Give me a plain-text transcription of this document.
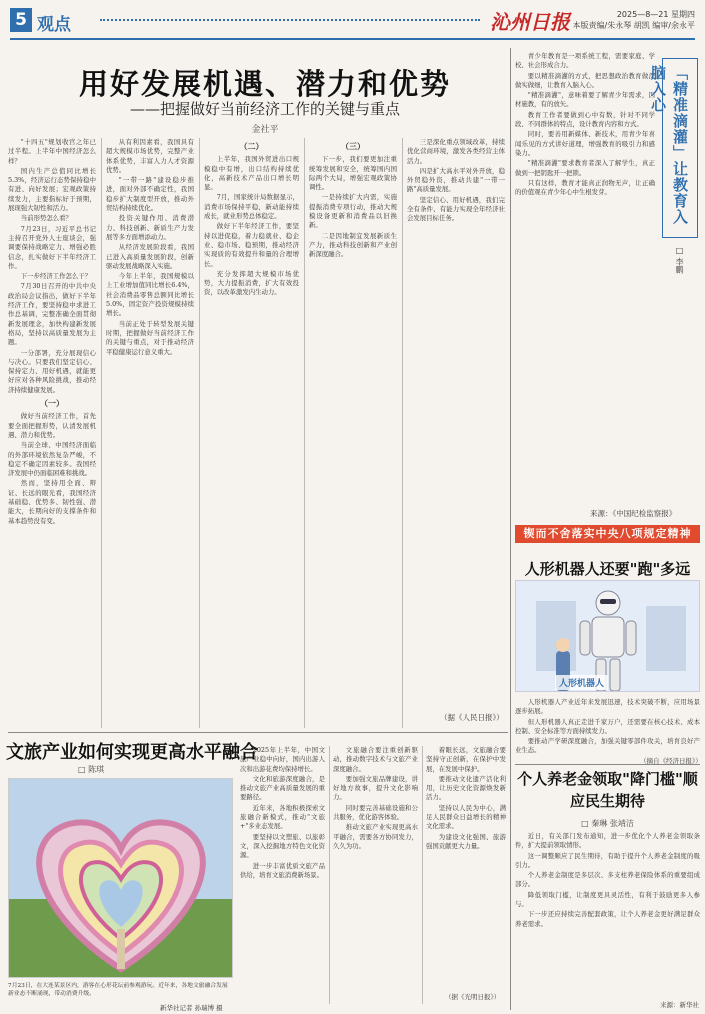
5 观点	沁州日报	2025—8—21 星期四
本版责编/朱永琴 胡凯 编审/余永平
用好发展机遇、潜力和优势
——把握做好当前经济工作的关键与重点
金社平

"十四五"规划收官之年已过半程。上半年中国经济怎么样？

国内生产总值同比增长5.3%，经济运行态势保持稳中有进、向好发展；宏观政策持续发力，主要指标好于预期，展现强大韧性和活力。

当前形势怎么看？

7月23日，习近平总书记主持召开党外人士座谈会，强调要保持战略定力、增强必胜信念，扎实做好下半年经济工作。

下一步经济工作怎么干？

7月30日召开的中共中央政治局会议指出，做好下半年经济工作，要坚持稳中求进工作总基调，完整准确全面贯彻新发展理念，加快构建新发展格局，坚持以高质量发展为主题。

一分部署，充分展现信心与决心。只要我们坚定信心、保持定力、用好机遇，就能更好应对各种风险挑战，推动经济持续健康发展。

（一）

做好当前经济工作，首先要全面把握形势，认清发展机遇、潜力和优势。

当前全球、中国经济面临的外部环境依然复杂严峻，不稳定不确定因素较多。我国经济发展中仍面临困难和挑战。

然而，坚持用全面、辩证、长远的眼光看，我国经济基础稳、优势多、韧性强、潜能大，长期向好的支撑条件和基本趋势没有变。

从有利因素看，我国具有超大规模市场优势，完整产业体系优势，丰富人力人才资源优势。

"一带一路"建设稳步推进，面对外部不确定性，我国稳步扩大制度型开放，推动外贸结构持续优化。

投资关键作用、消费潜力、科技创新、新质生产力发展等多方面增添动力。

从经济发展阶段看，我国已进入高质量发展阶段，创新驱动发展战略深入实施。

今年上半年，我国规模以上工业增加值同比增长6.4%，社会消费品零售总额同比增长5.0%，固定资产投资规模持续增长。

当前正处于转型发展关键时期，把握做好当前经济工作的关键与重点，对于推动经济平稳健康运行意义重大。

（二）

上半年，我国外贸进出口规模稳中有增，出口结构持续优化，高新技术产品出口增长明显。

7月，国家统计局数据显示，消费市场保持平稳，新动能持续成长，就业形势总体稳定。

做好下半年经济工作，要坚持以进促稳，着力稳就业、稳企业、稳市场、稳预期，推动经济实现质的有效提升和量的合理增长。

充分发挥超大规模市场优势，大力提振消费，扩大有效投资，以改革激发内生动力。

（三）

下一步，我们要更加注重统筹发展和安全，统筹国内国际两个大局，增强宏观政策协调性。

一是持续扩大内需，实施提振消费专项行动，推动大规模设备更新和消费品以旧换新。

二是因地制宜发展新质生产力，推动科技创新和产业创新深度融合。

三是深化重点领域改革，持续优化营商环境，激发各类经营主体活力。

四是扩大高水平对外开放，稳外贸稳外资，推动共建"一带一路"高质量发展。

坚定信心、用好机遇，我们完全有条件、有能力实现全年经济社会发展目标任务。

（据《人民日报》）

青少年教育是一项系统工程，需要家庭、学校、社会形成合力。

要以精准滴灌的方式，把思想政治教育做深做实做细，让教育入脑入心。

"精准滴灌"，意味着要了解青少年需求，因材施教，有的放矢。

教育工作者要做到心中有数，针对不同学段、不同群体的特点，设计教育内容和方式。

同时，要善用新媒体、新技术，用青少年喜闻乐见的方式讲好道理，增强教育的吸引力和感染力。

"精准滴灌"要求教育者深入了解学生，真正做到一把钥匙开一把锁。

只有这样，教育才能真正润物无声，让正确的价值观在青少年心中生根发芽。

来源：《中国纪检监察报》
「精准滴灌」让教育入脑入心
□ 李鹏
锲而不舍落实中央八项规定精神
人形机器人还要"跑"多远
人形机器人

人形机器人产业近年来发展迅速，技术突破不断，应用场景逐步拓展。

但人形机器人真正走进千家万户，还需要在核心技术、成本控制、安全标准等方面持续发力。

要推动产学研深度融合，加强关键零部件攻关，培育良好产业生态。

（摘自《经济日报》）
个人养老金领取"降门槛"顺应民生期待
□ 秦琳 张靖洁

近日，有关部门发布通知，进一步优化个人养老金领取条件，扩大提前领取情形。

这一调整顺应了民生期待，有助于提升个人养老金制度的吸引力。

个人养老金制度是多层次、多支柱养老保险体系的重要组成部分。

降低领取门槛，让制度更具灵活性，有利于鼓励更多人参与。

下一步还应持续完善配套政策，让个人养老金更好满足群众养老需求。

来源：新华社
文旅产业如何实现更高水平融合
□ 陈琪
7月23日，在大连某景区内，游客在心形花坛前参观游玩。近年来，各地文旅融合发展新业态不断涌现，带动消费升级。

2025年上半年，中国文旅产业稳中向好，国内出游人次和出游花费均保持增长。

文化和旅游深度融合，是推动文旅产业高质量发展的重要路径。

近年来，各地积极探索文旅融合新模式，推动"文旅+"多业态发展。

要坚持以文塑旅、以旅彰文，深入挖掘地方特色文化资源。

进一步丰富优质文旅产品供给，培育文旅消费新场景。

文旅融合要注重创新驱动，推动数字技术与文旅产业深度融合。

要加强文旅品牌建设，讲好地方故事，提升文化影响力。

同时要完善基础设施和公共服务，优化游客体验。

推动文旅产业实现更高水平融合，需要各方协同发力，久久为功。

着眼长远，文旅融合要坚持守正创新，在保护中发展，在发展中保护。

要推动文化遗产活化利用，让历史文化资源焕发新活力。

坚持以人民为中心，满足人民群众日益增长的精神文化需求。

为建设文化强国、旅游强国贡献更大力量。

（据《光明日报》）
新华社记者 孙瑞博 摄
